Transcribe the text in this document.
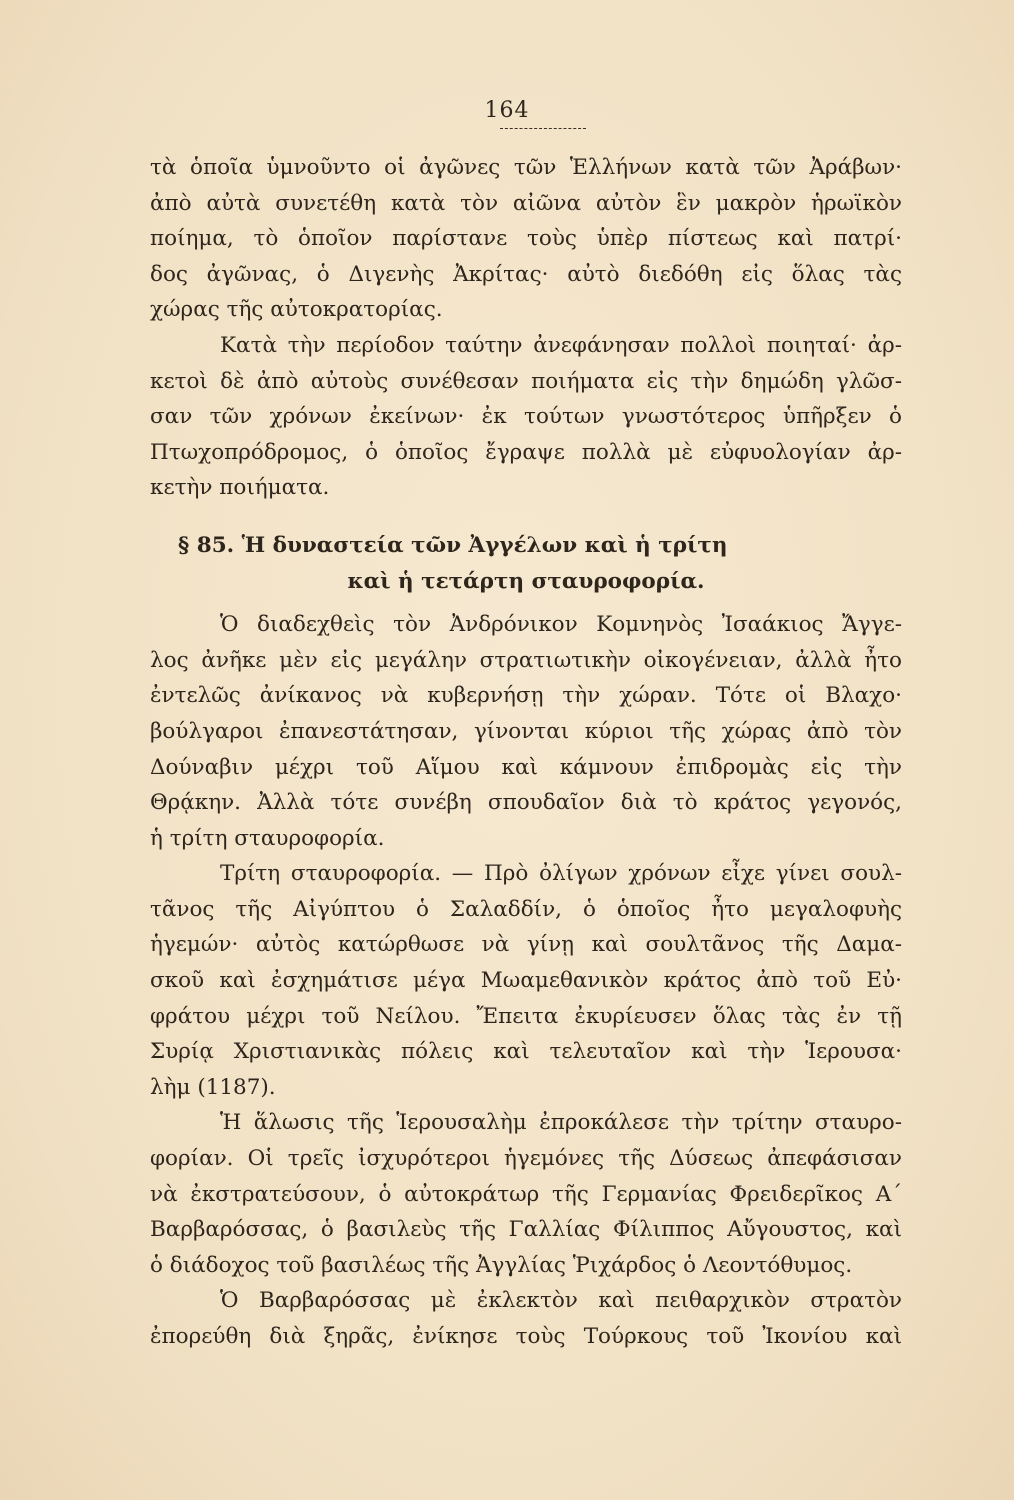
164
τὰ ὁποῖα ὑμνοῦντο οἱ ἀγῶνες τῶν Ἑλλήνων κατὰ τῶν Ἀράβων·
ἀπὸ αὐτὰ συνετέθη κατὰ τὸν αἰῶνα αὐτὸν ἓν μακρὸν ἡρωϊκὸν
ποίημα, τὸ ὁποῖον παρίστανε τοὺς ὑπὲρ πίστεως καὶ πατρί·
δος ἀγῶνας, ὁ Διγενὴς Ἀκρίτας· αὐτὸ διεδόθη εἰς ὅλας τὰς
χώρας τῆς αὐτοκρατορίας.
Κατὰ τὴν περίοδον ταύτην ἀνεφάνησαν πολλοὶ ποιηταί· ἀρ-
κετοὶ δὲ ἀπὸ αὐτοὺς συνέθεσαν ποιήματα εἰς τὴν δημώδη γλῶσ-
σαν τῶν χρόνων ἐκείνων· ἐκ τούτων γνωστότερος ὑπῆρξεν ὁ
Πτωχοπρόδρομος, ὁ ὁποῖος ἔγραψε πολλὰ μὲ εὐφυολογίαν ἀρ-
κετὴν ποιήματα.
§ 85. Ἡ δυναστεία τῶν Ἀγγέλων καὶ ἡ τρίτη
καὶ ἡ τετάρτη σταυροφορία.
Ὁ διαδεχθεὶς τὸν Ἀνδρόνικον Κομνηνὸς Ἰσαάκιος Ἄγγε-
λος ἀνῆκε μὲν εἰς μεγάλην στρατιωτικὴν οἰκογένειαν, ἀλλὰ ἦτο
ἐντελῶς ἀνίκανος νὰ κυβερνήσῃ τὴν χώραν. Τότε οἱ Βλαχο·
βούλγαροι ἐπανεστάτησαν, γίνονται κύριοι τῆς χώρας ἀπὸ τὸν
Δούναβιν μέχρι τοῦ Αἵμου καὶ κάμνουν ἐπιδρομὰς εἰς τὴν
Θρᾴκην. Ἀλλὰ τότε συνέβη σπουδαῖον διὰ τὸ κράτος γεγονός,
ἡ τρίτη σταυροφορία.
Τρίτη σταυροφορία. — Πρὸ ὀλίγων χρόνων εἶχε γίνει σουλ-
τᾶνος τῆς Αἰγύπτου ὁ Σαλαδδίν, ὁ ὁποῖος ἦτο μεγαλοφυὴς
ἡγεμών· αὐτὸς κατώρθωσε νὰ γίνῃ καὶ σουλτᾶνος τῆς Δαμα-
σκοῦ καὶ ἐσχημάτισε μέγα Μωαμεθανικὸν κράτος ἀπὸ τοῦ Εὐ·
φράτου μέχρι τοῦ Νείλου. Ἔπειτα ἐκυρίευσεν ὅλας τὰς ἐν τῇ
Συρίᾳ Χριστιανικὰς πόλεις καὶ τελευταῖον καὶ τὴν Ἱερουσα·
λὴμ (1187).
Ἡ ἅλωσις τῆς Ἱερουσαλὴμ ἐπροκάλεσε τὴν τρίτην σταυρο-
φορίαν. Οἱ τρεῖς ἰσχυρότεροι ἡγεμόνες τῆς Δύσεως ἀπεφάσισαν
νὰ ἐκστρατεύσουν, ὁ αὐτοκράτωρ τῆς Γερμανίας Φρειδερῖκος Α΄
Βαρβαρόσσας, ὁ βασιλεὺς τῆς Γαλλίας Φίλιππος Αὔγουστος, καὶ
ὁ διάδοχος τοῦ βασιλέως τῆς Ἀγγλίας Ῥιχάρδος ὁ Λεοντόθυμος.
Ὁ Βαρβαρόσσας μὲ ἐκλεκτὸν καὶ πειθαρχικὸν στρατὸν
ἐπορεύθη διὰ ξηρᾶς, ἐνίκησε τοὺς Τούρκους τοῦ Ἰκονίου καὶ
